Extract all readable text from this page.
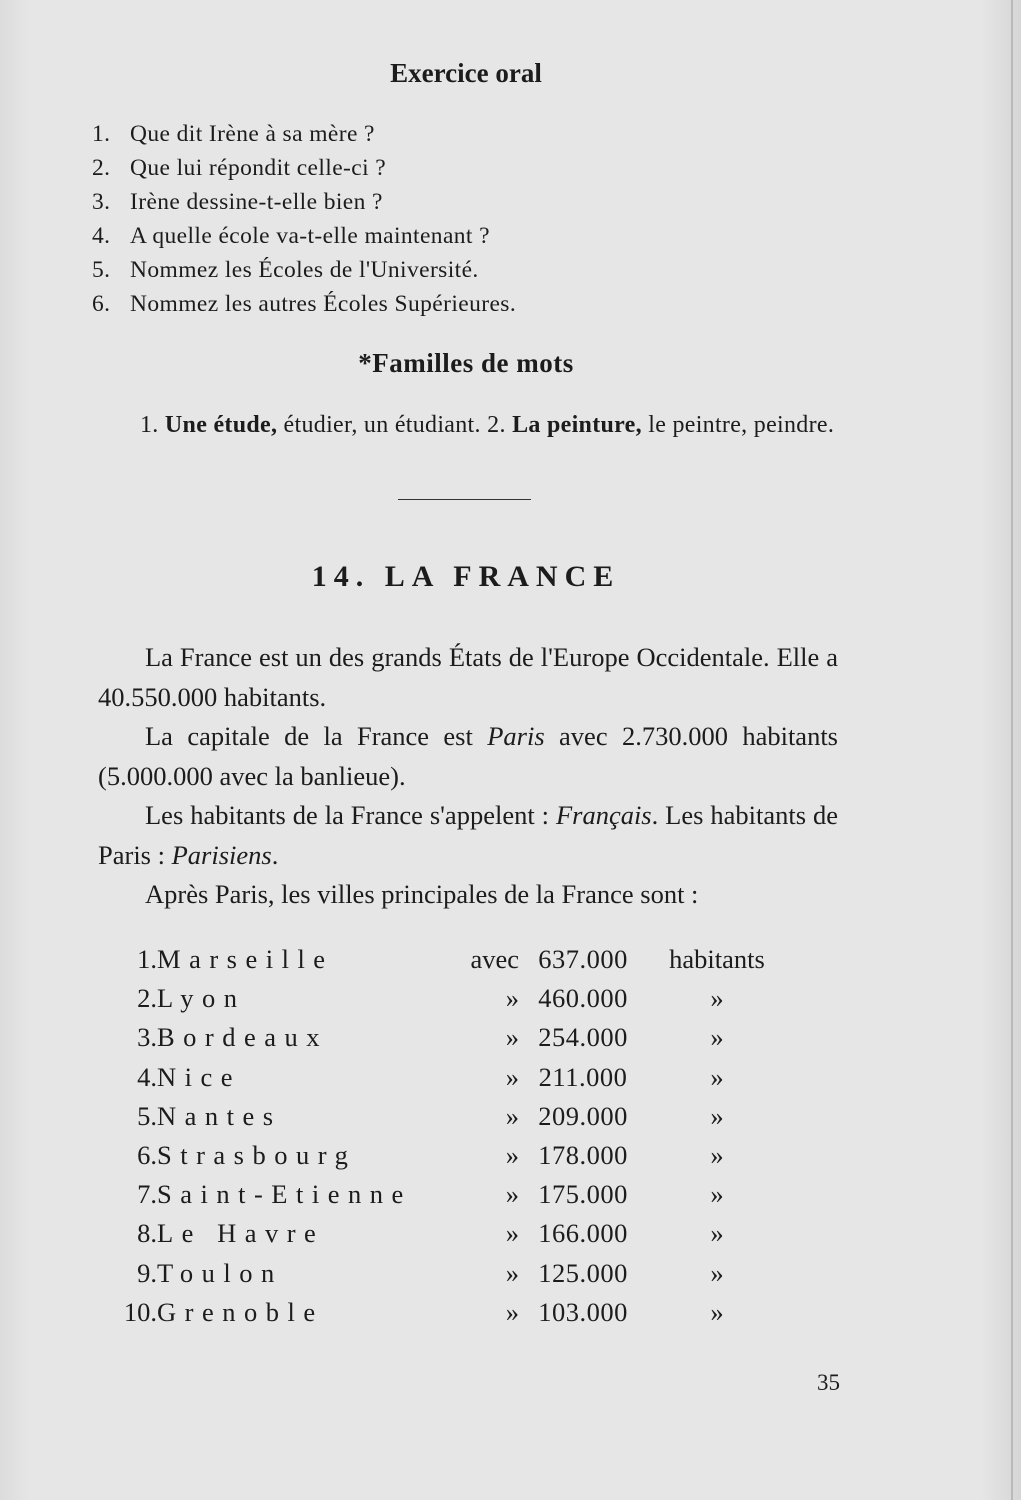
Exercice oral
1. Que dit Irène à sa mère ?
2. Que lui répondit celle-ci ?
3. Irène dessine-t-elle bien ?
4. A quelle école va-t-elle maintenant ?
5. Nommez les Écoles de l'Université.
6. Nommez les autres Écoles Supérieures.
*Familles de mots
1. Une étude, étudier, un étudiant. 2. La peinture, le peintre, peindre.
14. LA FRANCE

La France est un des grands États de l'Europe Occidentale. Elle a 40.550.000 habitants.

La capitale de la France est Paris avec 2.730.000 habitants (5.000.000 avec la banlieue).

Les habitants de la France s'appelent : Français. Les habitants de Paris : Parisiens.

Après Paris, les villes principales de la France sont :

1.	Marseille	avec	637.000	habitants
2.	Lyon	»	460.000	»
3.	Bordeaux	»	254.000	»
4.	Nice	»	211.000	»
5.	Nantes	»	209.000	»
6.	Strasbourg	»	178.000	»
7.	Saint-Etienne	»	175.000	»
8.	Le Havre	»	166.000	»
9.	Toulon	»	125.000	»
10.	Grenoble	»	103.000	»
35
